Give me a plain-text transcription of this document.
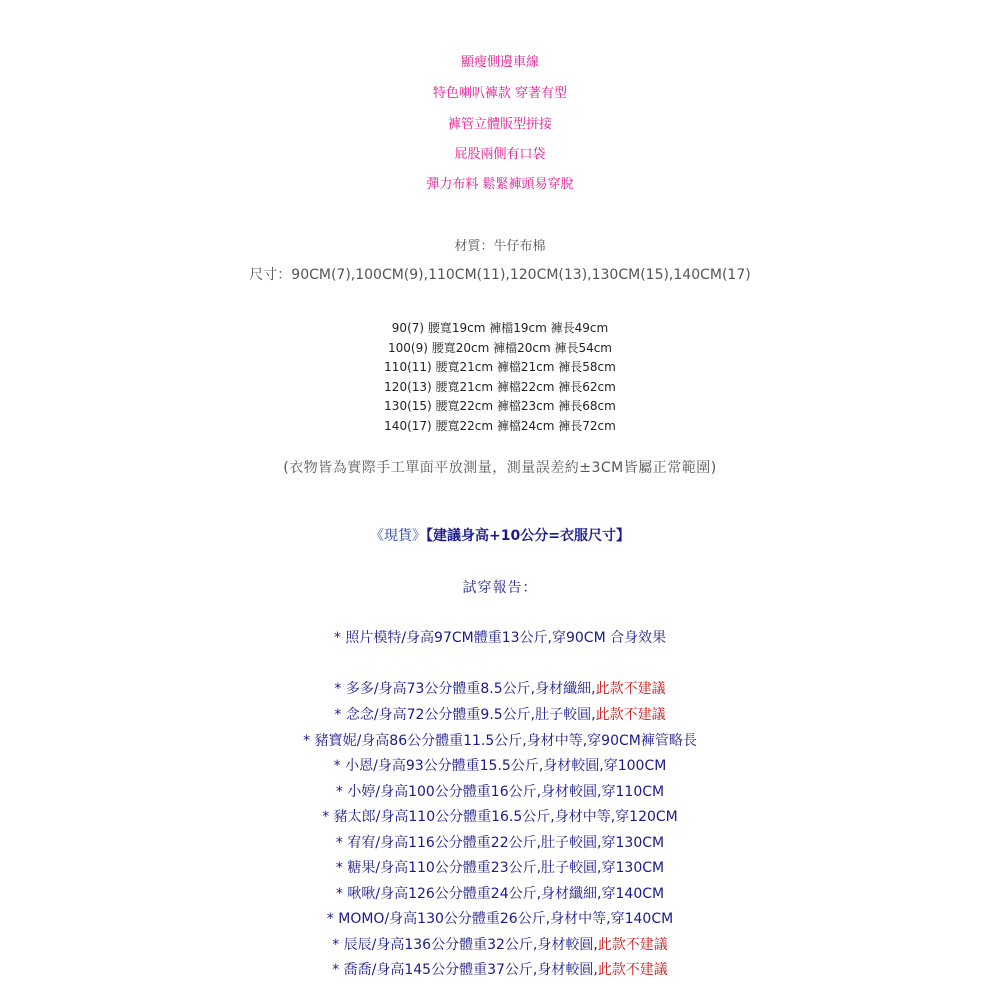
顯瘦側邊車線
特色喇叭褲款 穿著有型
褲管立體版型拼接
屁股兩側有口袋
彈力布料 鬆緊褲頭易穿脫
材質：牛仔布棉
尺寸：90CM(7),100CM(9),110CM(11),120CM(13),130CM(15),140CM(17)
90(7) 腰寬19cm 褲檔19cm 褲長49cm
100(9) 腰寬20cm 褲檔20cm 褲長54cm
110(11) 腰寬21cm 褲檔21cm 褲長58cm
120(13) 腰寬21cm 褲檔22cm 褲長62cm
130(15) 腰寬22cm 褲檔23cm 褲長68cm
140(17) 腰寬22cm 褲檔24cm 褲長72cm
(衣物皆為實際手工單面平放測量，測量誤差約±3CM皆屬正常範圍)
《現貨》【建議身高+10公分=衣服尺寸】
試穿報告：
* 照片模特/身高97CM體重13公斤,穿90CM 合身效果
* 多多/身高73公分體重8.5公斤,身材纖細,此款不建議
* 念念/身高72公分體重9.5公斤,肚子較圓,此款不建議
* 豬寶妮/身高86公分體重11.5公斤,身材中等,穿90CM褲管略長
* 小恩/身高93公分體重15.5公斤,身材較圓,穿100CM
* 小婷/身高100公分體重16公斤,身材較圓,穿110CM
* 豬太郎/身高110公分體重16.5公斤,身材中等,穿120CM
* 宥宥/身高116公分體重22公斤,肚子較圓,穿130CM
* 糖果/身高110公分體重23公斤,肚子較圓,穿130CM
* 啾啾/身高126公分體重24公斤,身材纖細,穿140CM
* MOMO/身高130公分體重26公斤,身材中等,穿140CM
* 辰辰/身高136公分體重32公斤,身材較圓,此款不建議
* 喬喬/身高145公分體重37公斤,身材較圓,此款不建議
